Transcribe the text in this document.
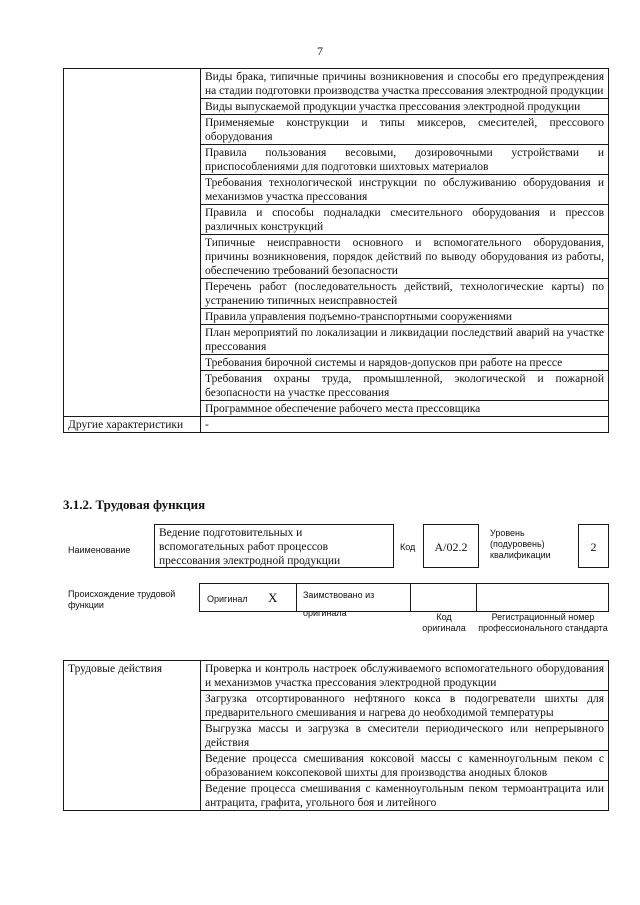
7
	Виды брака, типичные причины возникновения и способы его предупреждения на стадии подготовки производства участка прессования электродной продукции
	Виды выпускаемой продукции участка прессования электродной продукции
	Применяемые конструкции и типы миксеров, смесителей, прессового оборудования
	Правила пользования весовыми, дозировочными устройствами и приспособлениями для подготовки шихтовых материалов
	Требования технологической инструкции по обслуживанию оборудования и механизмов участка прессования
	Правила и способы подналадки смесительного оборудования и прессов различных конструкций
	Типичные неисправности основного и вспомогательного оборудования, причины возникновения, порядок действий по выводу оборудования из работы, обеспечению требований безопасности
	Перечень работ (последовательность действий, технологические карты) по устранению типичных неисправностей
	Правила управления подъемно-транспортными сооружениями
	План мероприятий по локализации и ликвидации последствий аварий на участке прессования
	Требования бирочной системы и нарядов-допусков при работе на прессе
	Требования охраны труда, промышленной, экологической и пожарной безопасности на участке прессования
	Программное обеспечение рабочего места прессовщика
Другие характеристики	-
3.1.2. Трудовая функция
Наименование
Ведение подготовительных и вспомогательных работ процессов прессования электродной продукции
Код	А/02.2
Уровень (подуровень) квалификации
2
Происхождение трудовой функции
Оригинал Х	Заимствовано из оригинала	Код оригинала
Регистрационный номер профессионального стандарта
Трудовые действия	Проверка и контроль настроек обслуживаемого вспомогательного оборудования и механизмов участка прессования электродной продукции
Загрузка отсортированного нефтяного кокса в подогреватели шихты для предварительного смешивания и нагрева до необходимой температуры
Выгрузка массы и загрузка в смесители периодического или непрерывного действия
Ведение процесса смешивания коксовой массы с каменноугольным пеком с образованием коксопековой шихты для производства анодных блоков
Ведение процесса смешивания с каменноугольным пеком термоантрацита или антрацита, графита, угольного боя и литейного
